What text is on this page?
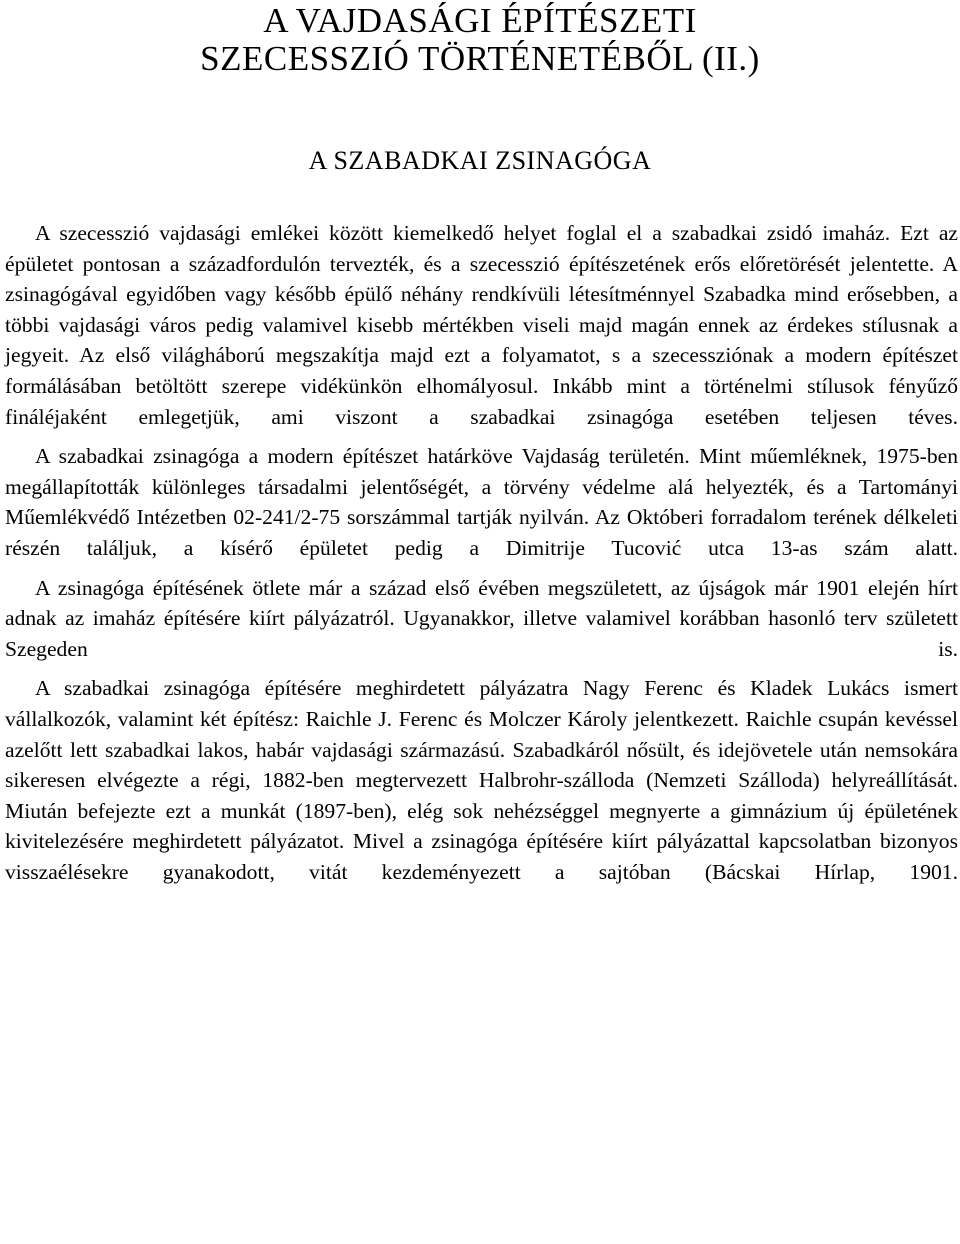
A VAJDASÁGI ÉPÍTÉSZETI
SZECESSZIÓ TÖRTÉNETÉBŐL (II.)
A SZABADKAI ZSINAGÓGA

A szecesszió vajdasági emlékei között kiemelkedő helyet foglal el a szabadkai zsidó imaház. Ezt az épületet pontosan a századfordulón tervezték, és a szecesszió építészetének erős előretörését jelentette. A zsinagógával egyidőben vagy később épülő néhány rendkívüli létesítménnyel Szabadka mind erősebben, a többi vajdasági város pedig valamivel kisebb mértékben viseli majd magán ennek az érdekes stílusnak a jegyeit. Az első világháború megszakítja majd ezt a folyamatot, s a szecessziónak a modern építészet formálásában betöltött szerepe vidékünkön elhomályosul. Inkább mint a történelmi stílusok fényűző fináléjaként emlegetjük, ami viszont a szabadkai zsinagóga esetében teljesen téves.

A szabadkai zsinagóga a modern építészet határköve Vajdaság területén. Mint műemléknek, 1975-ben megállapították különleges társadalmi jelentőségét, a törvény védelme alá helyezték, és a Tartományi Műemlékvédő Intézetben 02-241/2-75 sorszámmal tartják nyilván. Az Októberi forradalom terének délkeleti részén találjuk, a kísérő épületet pedig a Dimitrije Tucović utca 13-as szám alatt.

A zsinagóga építésének ötlete már a század első évében megszületett, az újságok már 1901 elején hírt adnak az imaház építésére kiírt pályázatról. Ugyanakkor, illetve valamivel korábban hasonló terv született Szegeden is.

A szabadkai zsinagóga építésére meghirdetett pályázatra Nagy Ferenc és Kladek Lukács ismert vállalkozók, valamint két építész: Raichle J. Ferenc és Molczer Károly jelentkezett. Raichle csupán kevéssel azelőtt lett szabadkai lakos, habár vajdasági származású. Szabadkáról nősült, és idejövetele után nemsokára sikeresen elvégezte a régi, 1882-ben megtervezett Halbrohr-szálloda (Nemzeti Szálloda) helyreállítását. Miután befejezte ezt a munkát (1897-ben), elég sok nehézséggel megnyerte a gimnázium új épületének kivitelezésére meghirdetett pályázatot. Mivel a zsinagóga építésére kiírt pályázattal kapcsolatban bizonyos visszaélésekre gyanakodott, vitát kezdeményezett a sajtóban (Bácskai Hírlap, 1901.
